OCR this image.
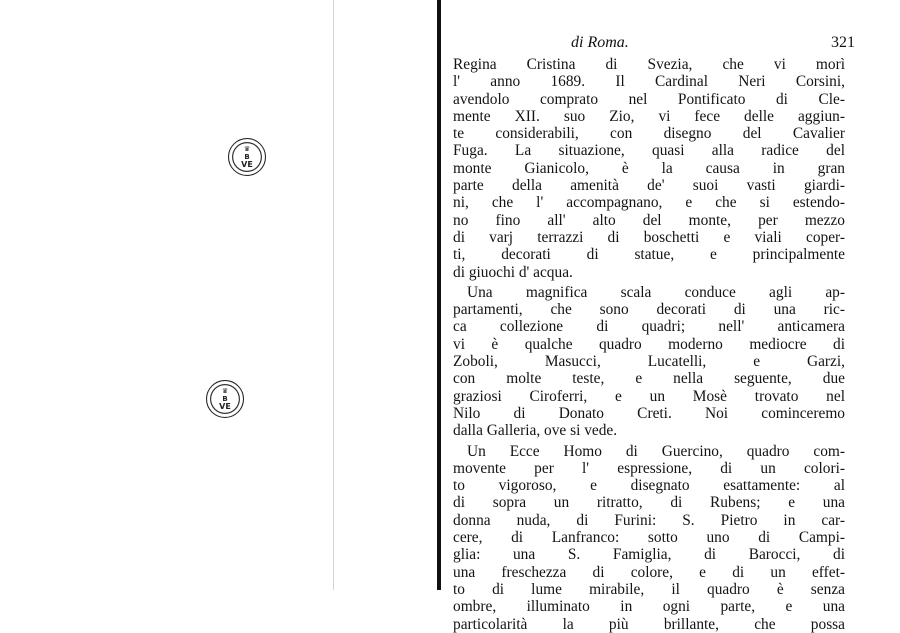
♛
B
VE
♛
B
VE
di Roma.	321
Regina Cristina di Svezia, che vi morì
l' anno 1689. Il Cardinal Neri Corsini,
avendolo comprato nel Pontificato di Cle-
mente XII. suo Zio, vi fece delle aggiun-
te considerabili, con disegno del Cavalier
Fuga. La situazione, quasi alla radice del
monte Gianicolo, è la causa in gran
parte della amenità de' suoi vasti giardi-
ni, che l' accompagnano, e che si estendo-
no fino all' alto del monte, per mezzo
di varj terrazzi di boschetti e viali coper-
ti, decorati di statue, e principalmente
di giuochi d' acqua.
Una magnifica scala conduce agli ap-
partamenti, che sono decorati di una ric-
ca collezione di quadri; nell' anticamera
vi è qualche quadro moderno mediocre di
Zoboli, Masucci, Lucatelli, e Garzi,
con molte teste, e nella seguente, due
graziosi Ciroferri, e un Mosè trovato nel
Nilo di Donato Creti. Noi cominceremo
dalla Galleria, ove si vede.
Un Ecce Homo di Guercino, quadro com-
movente per l' espressione, di un colori-
to vigoroso, e disegnato esattamente: al
di sopra un ritratto, di Rubens; e una
donna nuda, di Furini: S. Pietro in car-
cere, di Lanfranco: sotto uno di Campi-
glia: una S. Famiglia, di Barocci, di
una freschezza di colore, e di un effet-
to di lume mirabile, il quadro è senza
ombre, illuminato in ogni parte, e una
particolarità la più brillante, che possa
